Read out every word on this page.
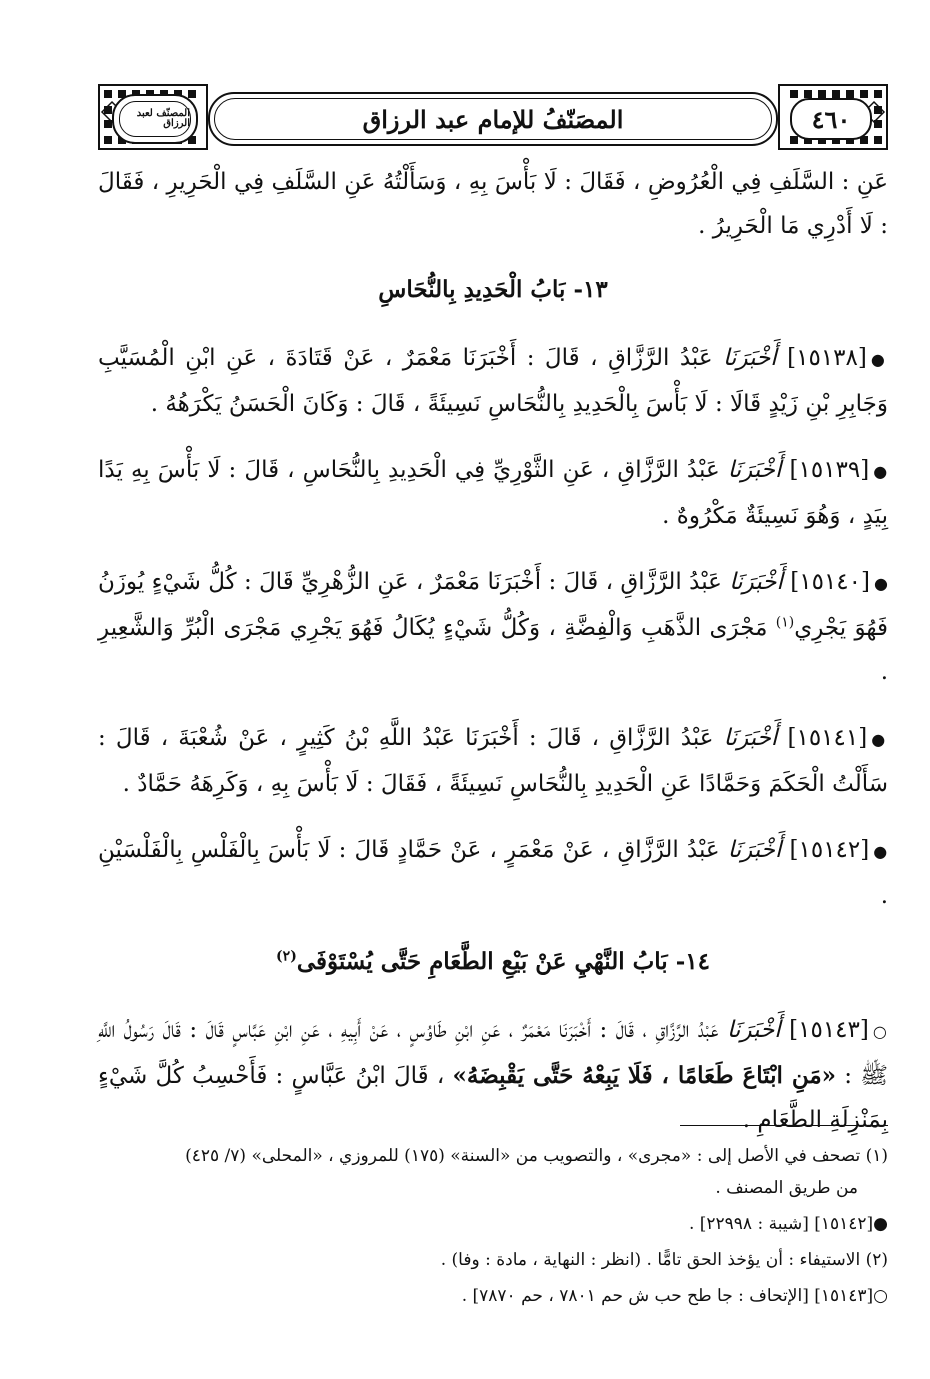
المصَنّفُ للإمام عبد الرزاق	٤٦٠
المصنّف لعبد الرزاق

عَنِ : السَّلَفِ فِي الْعُرُوضِ ، فَقَالَ : لَا بَأْسَ بِهِ ، وَسَأَلْتُهُ عَنِ السَّلَفِ فِي الْحَرِيرِ ، فَقَالَ : لَا أَدْرِي مَا الْحَرِيرُ .

١٣- بَابُ الْحَدِيدِ بِالنُّحَاسِ

●[١٥١٣٨] أَخْبَرَنَا عَبْدُ الرَّزَّاقِ ، قَالَ : أَخْبَرَنَا مَعْمَرٌ ، عَنْ قَتَادَةَ ، عَنِ ابْنِ الْمُسَيَّبِ وَجَابِرِ بْنِ زَيْدٍ قَالَا : لَا بَأْسَ بِالْحَدِيدِ بِالنُّحَاسِ نَسِيئَةً ، قَالَ : وَكَانَ الْحَسَنُ يَكْرَهُهُ .

●[١٥١٣٩] أَخْبَرَنَا عَبْدُ الرَّزَّاقِ ، عَنِ الثَّوْرِيِّ فِي الْحَدِيدِ بِالنُّحَاسِ ، قَالَ : لَا بَأْسَ بِهِ يَدًا بِيَدٍ ، وَهُوَ نَسِيئَةٌ مَكْرُوهٌ .

●[١٥١٤٠] أَخْبَرَنَا عَبْدُ الرَّزَّاقِ ، قَالَ : أَخْبَرَنَا مَعْمَرٌ ، عَنِ الزُّهْرِيِّ قَالَ : كُلُّ شَيْءٍ يُوزَنُ فَهُوَ يَجْرِي$^{(١)}$ مَجْرَى الذَّهَبِ وَالْفِضَّةِ ، وَكُلُّ شَيْءٍ يُكَالُ فَهُوَ يَجْرِي مَجْرَى الْبُرِّ وَالشَّعِيرِ .

●[١٥١٤١] أَخْبَرَنَا عَبْدُ الرَّزَّاقِ ، قَالَ : أَخْبَرَنَا عَبْدُ اللَّهِ بْنُ كَثِيرٍ ، عَنْ شُعْبَةَ ، قَالَ : سَأَلْتُ الْحَكَمَ وَحَمَّادًا عَنِ الْحَدِيدِ بِالنُّحَاسِ نَسِيئَةً ، فَقَالَ : لَا بَأْسَ بِهِ ، وَكَرِهَهُ حَمَّادٌ .

●[١٥١٤٢] أَخْبَرَنَا عَبْدُ الرَّزَّاقِ ، عَنْ مَعْمَرٍ ، عَنْ حَمَّادٍ قَالَ : لَا بَأْسَ بِالْفَلْسِ بِالْفَلْسَيْنِ .

١٤- بَابُ النَّهْيِ عَنْ بَيْعِ الطَّعَامِ حَتَّى يُسْتَوْفَى$^{(٢)}$

○[١٥١٤٣] أَخْبَرَنَا عَبْدُ الرَّزَّاقِ ، قَالَ : أَخْبَرَنَا مَعْمَرٌ ، عَنِ ابْنِ طَاوُسٍ ، عَنْ أَبِيهِ ، عَنِ ابْنِ عَبَّاسٍ قَالَ : قَالَ رَسُولُ اللَّهِ ﷺ : «مَنِ ابْتَاعَ طَعَامًا ، فَلَا يَبِعْهُ حَتَّى يَقْبِضَهُ» ، قَالَ ابْنُ عَبَّاسٍ : فَأَحْسِبُ كُلَّ شَيْءٍ بِمَنْزِلَةِ الطَّعَامِ .

(١) تصحف في الأصل إلى : «مجرى» ، والتصويب من «السنة» (١٧٥) للمروزي ، «المحلى» (٧/ ٤٢٥)
من طريق المصنف .
●[١٥١٤٢] [شيبة : ٢٢٩٩٨] .
(٢) الاستيفاء : أن يؤخذ الحق تامًّا . (انظر : النهاية ، مادة : وفا) .
○[١٥١٤٣] [الإتحاف : جا طح حب ش حم ٧٨٠١ ، حم ٧٨٧٠] .
